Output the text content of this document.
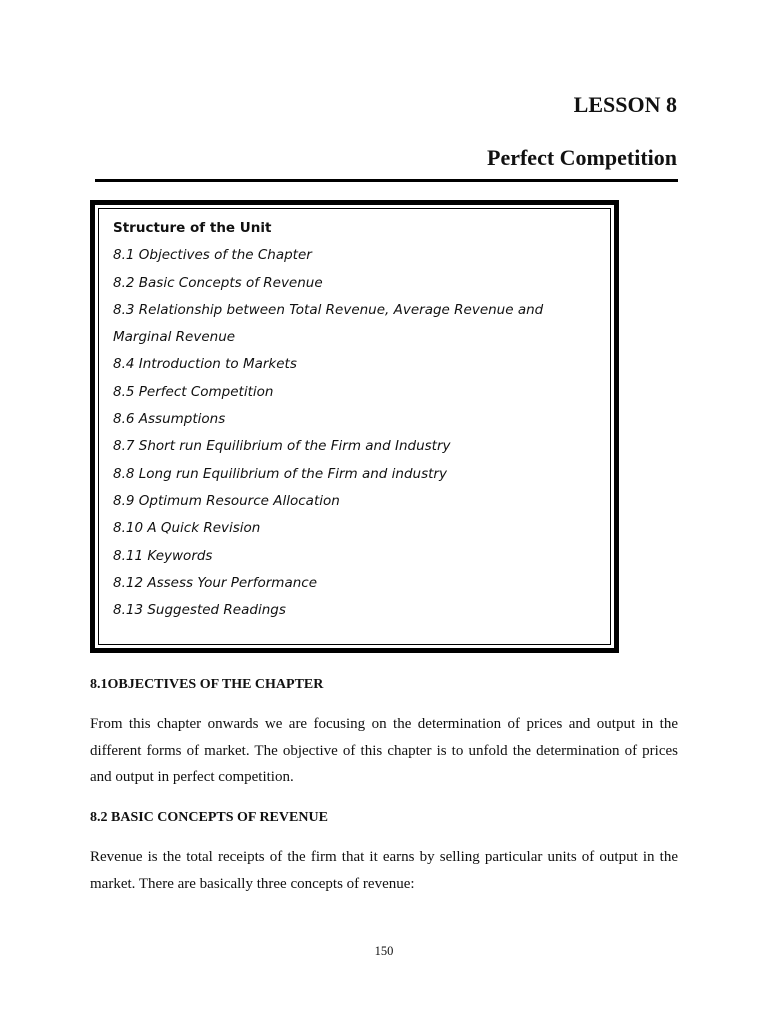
LESSON 8
Perfect Competition
Structure of the Unit
8.1 Objectives of the Chapter
8.2 Basic Concepts of Revenue
8.3 Relationship between Total Revenue, Average Revenue and Marginal Revenue
8.4 Introduction to Markets
8.5 Perfect Competition
8.6 Assumptions
8.7 Short run Equilibrium of the Firm and Industry
8.8 Long run Equilibrium of the Firm and industry
8.9 Optimum Resource Allocation
8.10 A Quick Revision
8.11 Keywords
8.12 Assess Your Performance
8.13 Suggested Readings
8.1OBJECTIVES OF THE CHAPTER

From this chapter onwards we are focusing on the determination of prices and output in the different forms of market. The objective of this chapter is to unfold the determination of prices and output in perfect competition.

8.2 BASIC CONCEPTS OF REVENUE

Revenue is the total receipts of the firm that it earns by selling particular units of output in the market. There are basically three concepts of revenue:

150
